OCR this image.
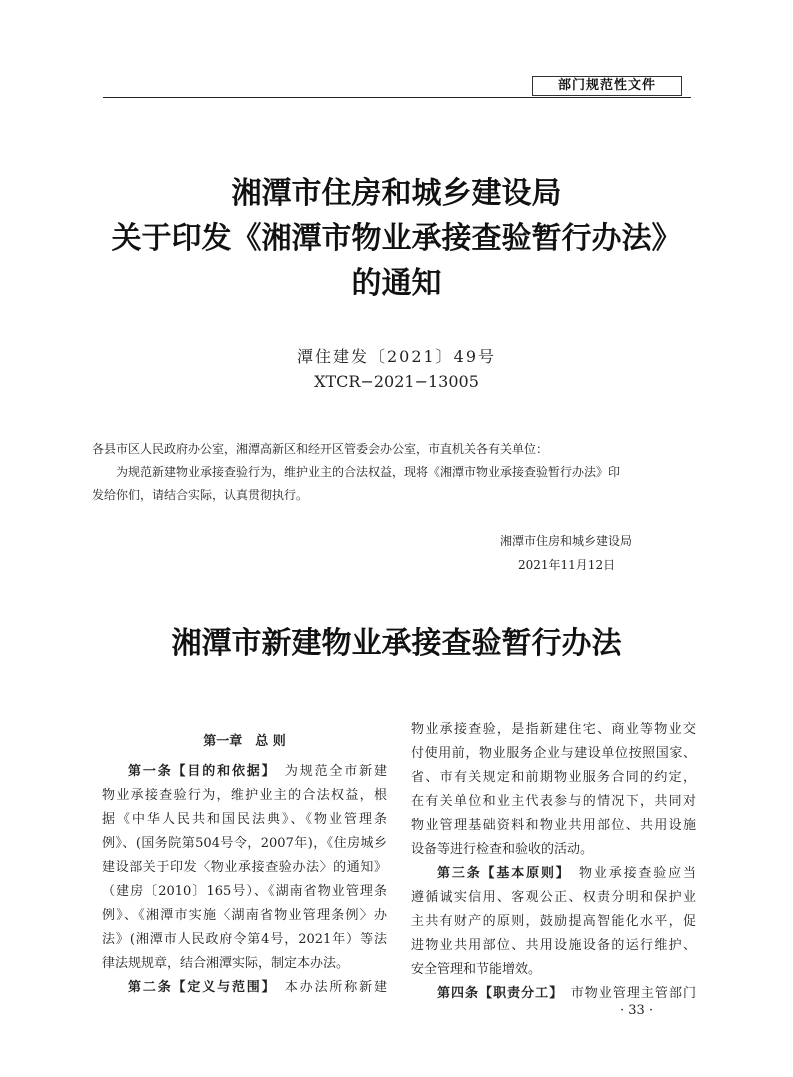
部门规范性文件
湘潭市住房和城乡建设局
关于印发《湘潭市物业承接查验暂行办法》
的通知
潭住建发〔2021〕49号
XTCR−2021−13005
各县市区人民政府办公室，湘潭高新区和经开区管委会办公室，市直机关各有关单位：
为规范新建物业承接查验行为，维护业主的合法权益，现将《湘潭市物业承接查验暂行办法》印
发给你们，请结合实际，认真贯彻执行。
湘潭市住房和城乡建设局
2021年11月12日
湘潭市新建物业承接查验暂行办法
第一章　总 则
第一条【目的和依据】　为规范全市新建
物业承接查验行为，维护业主的合法权益，根
据《中华人民共和国民法典》、《物业管理条
例》、(国务院第504号令，2007年)，《住房城乡
建设部关于印发〈物业承接查验办法〉的通知》
（建房〔2010〕165号）、《湖南省物业管理条
例》、《湘潭市实施〈湖南省物业管理条例〉办
法》(湘潭市人民政府令第4号，2021年）等法
律法规规章，结合湘潭实际，制定本办法。
第二条【定义与范围】　本办法所称新建
物业承接查验，是指新建住宅、商业等物业交
付使用前，物业服务企业与建设单位按照国家、
省、市有关规定和前期物业服务合同的约定，
在有关单位和业主代表参与的情况下，共同对
物业管理基础资料和物业共用部位、共用设施
设备等进行检查和验收的活动。
第三条【基本原则】　物业承接查验应当
遵循诚实信用、客观公正、权责分明和保护业
主共有财产的原则，鼓励提高智能化水平，促
进物业共用部位、共用设施设备的运行维护、
安全管理和节能增效。
第四条【职责分工】　市物业管理主管部门
· 33 ·
